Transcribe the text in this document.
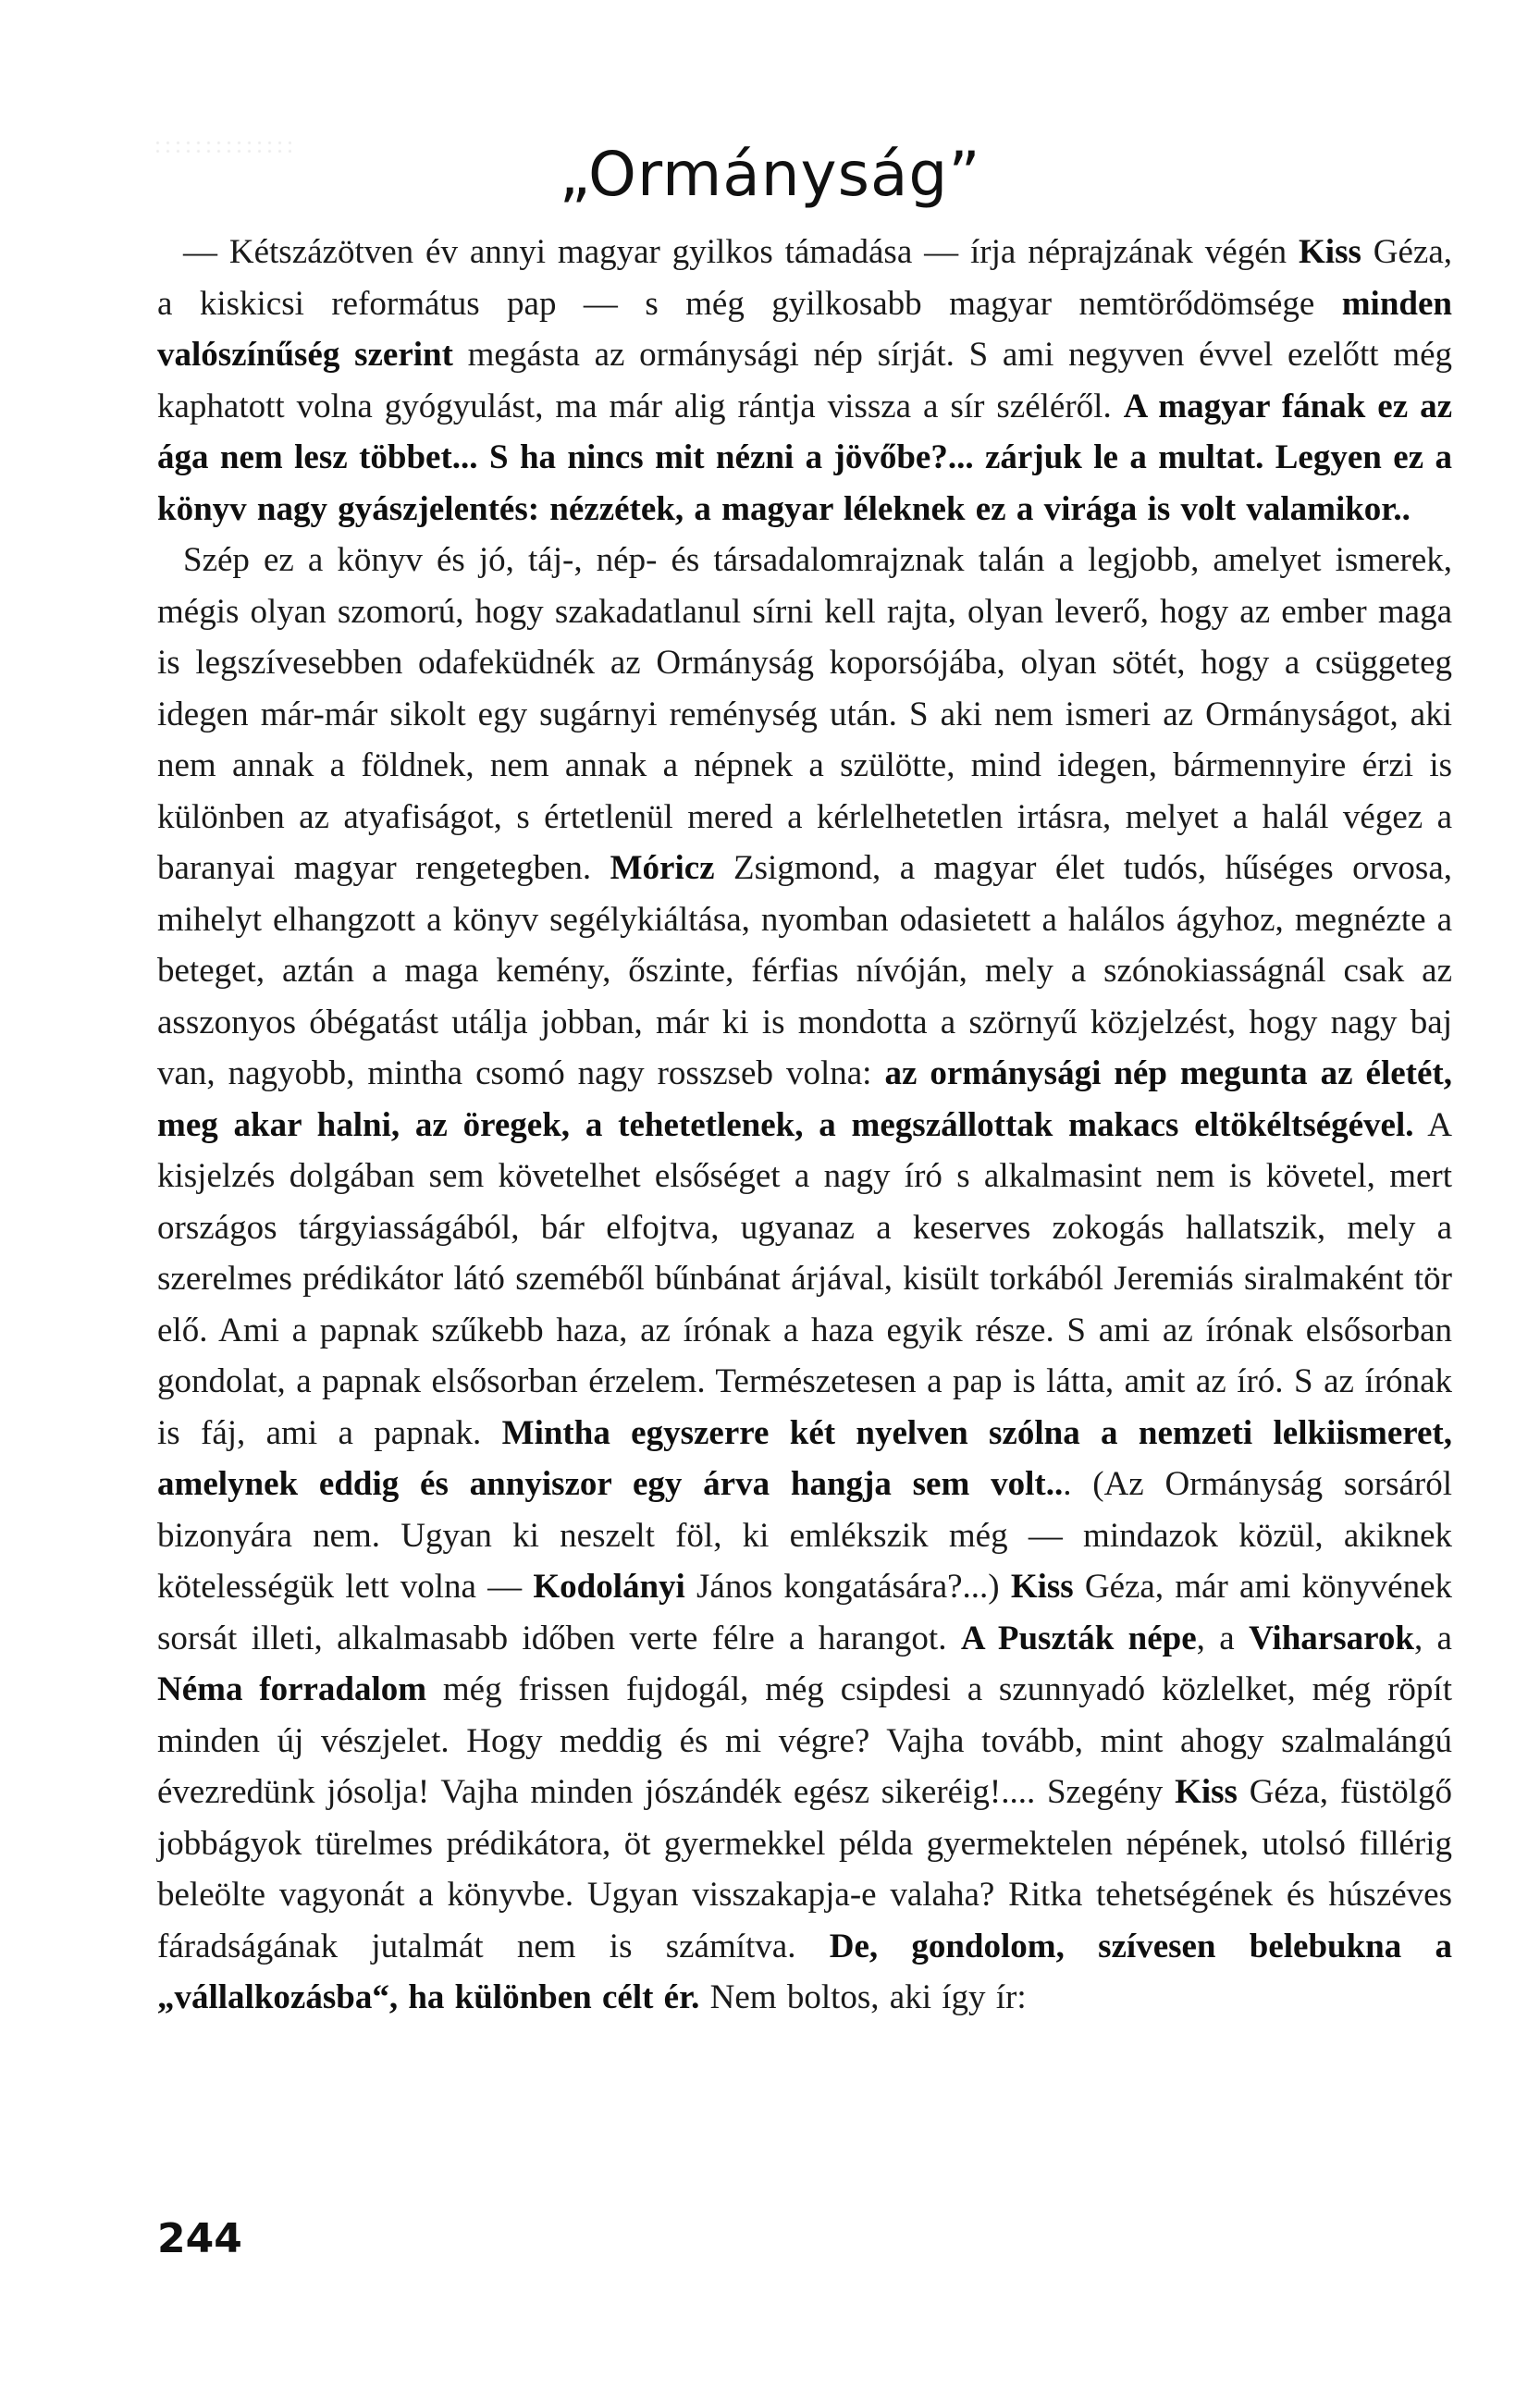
„Ormányság”

— Kétszázötven év annyi magyar gyilkos támadása — írja néprajzának végén Kiss Géza, a kiskicsi református pap — s még gyilkosabb magyar nemtörődömsége minden valószínűség szerint megásta az ormánysági nép sírját. S ami negyven évvel ezelőtt még kaphatott volna gyógyulást, ma már alig rántja vissza a sír széléről. A magyar fának ez az ága nem lesz többet... S ha nincs mit nézni a jövőbe?... zárjuk le a multat. Legyen ez a könyv nagy gyászjelentés: nézzétek, a magyar léleknek ez a virága is volt valamikor..

Szép ez a könyv és jó, táj-, nép- és társadalomrajznak talán a legjobb, amelyet ismerek, mégis olyan szomorú, hogy szakadatlanul sírni kell rajta, olyan leverő, hogy az ember maga is legszívesebben odafeküdnék az Ormányság koporsójába, olyan sötét, hogy a csüggeteg idegen már-már sikolt egy sugárnyi reménység után. S aki nem ismeri az Ormányságot, aki nem annak a földnek, nem annak a népnek a szülötte, mind idegen, bármennyire érzi is különben az atyafiságot, s értetlenül mered a kérlelhetetlen irtásra, melyet a halál végez a baranyai magyar rengetegben. Móricz Zsigmond, a magyar élet tudós, hűséges orvosa, mihelyt elhangzott a könyv segélykiáltása, nyomban odasietett a halálos ágyhoz, megnézte a beteget, aztán a maga kemény, őszinte, férfias nívóján, mely a szónokiasságnál csak az asszonyos óbégatást utálja jobban, már ki is mondotta a szörnyű közjelzést, hogy nagy baj van, nagyobb, mintha csomó nagy rosszseb volna: az ormánysági nép megunta az életét, meg akar halni, az öregek, a tehetetlenek, a megszállottak makacs eltökéltségével. A kisjelzés dolgában sem követelhet elsőséget a nagy író s alkalmasint nem is követel, mert országos tárgyiasságából, bár elfojtva, ugyanaz a keserves zokogás hallatszik, mely a szerelmes prédikátor látó szeméből bűnbánat árjával, kisült torkából Jeremiás siralmaként tör elő. Ami a papnak szűkebb haza, az írónak a haza egyik része. S ami az írónak elsősorban gondolat, a papnak elsősorban érzelem. Természetesen a pap is látta, amit az író. S az írónak is fáj, ami a papnak. Mintha egyszerre két nyelven szólna a nemzeti lelkiismeret, amelynek eddig és annyiszor egy árva hangja sem volt... (Az Ormányság sorsáról bizonyára nem. Ugyan ki neszelt föl, ki emlékszik még — mindazok közül, akiknek kötelességük lett volna — Kodolányi János kongatására?...) Kiss Géza, már ami könyvének sorsát illeti, alkalmasabb időben verte félre a harangot. A Puszták népe, a Viharsarok, a Néma forradalom még frissen fujdogál, még csipdesi a szunnyadó közlelket, még röpít minden új vészjelet. Hogy meddig és mi végre? Vajha tovább, mint ahogy szalmalángú évezredünk jósolja! Vajha minden jószándék egész sikeréig!.... Szegény Kiss Géza, füstölgő jobbágyok türelmes prédikátora, öt gyermekkel példa gyermektelen népének, utolsó fillérig beleölte vagyonát a könyvbe. Ugyan visszakapja-e valaha? Ritka tehetségének és húszéves fáradságának jutalmát nem is számítva. De, gondolom, szívesen belebukna a „vállalkozásba“, ha különben célt ér. Nem boltos, aki így ír:

244
